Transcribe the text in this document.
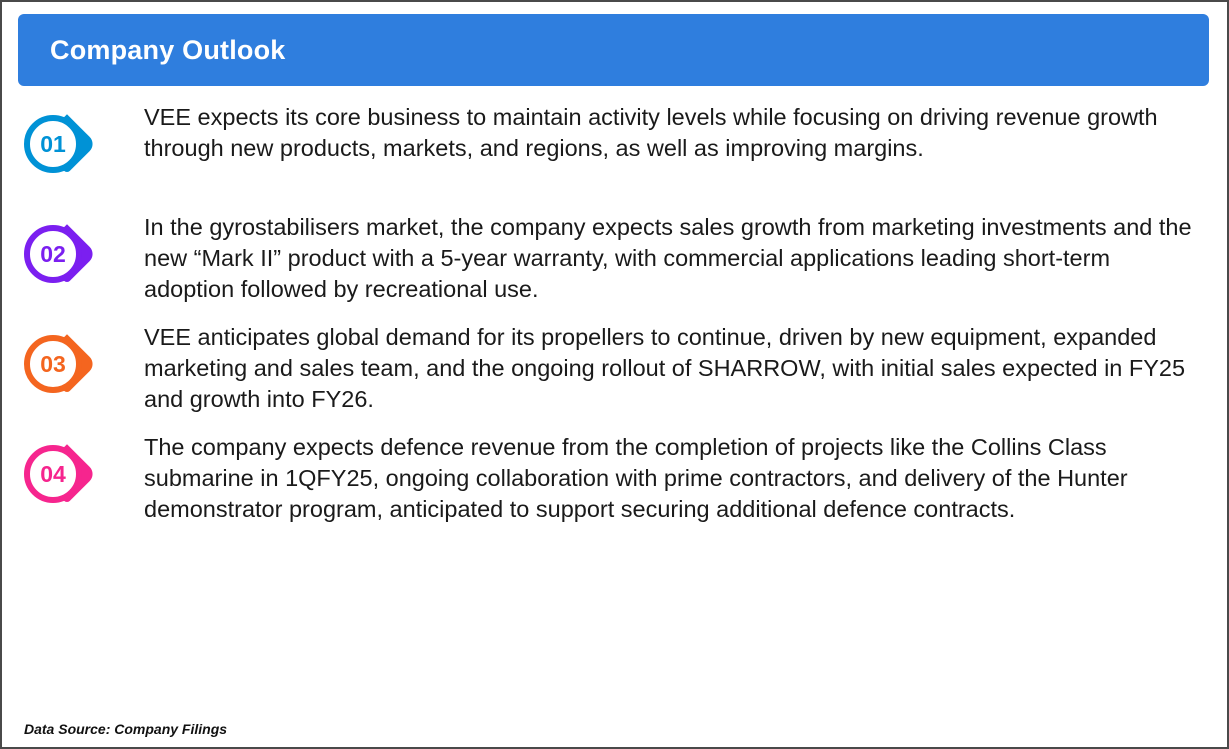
Company Outlook
01
VEE expects its core business to maintain activity levels while focusing on driving revenue growth through new products, markets, and regions, as well as improving margins.
02
In the gyrostabilisers market, the company expects sales growth from marketing investments and the new “Mark II” product with a 5-year warranty, with commercial applications leading short-term adoption followed by recreational use.
03
VEE anticipates global demand for its propellers to continue, driven by new equipment, expanded marketing and sales team, and the ongoing rollout of SHARROW, with initial sales expected in FY25 and growth into FY26.
04
The company expects defence revenue from the completion of projects like the Collins Class submarine in 1QFY25, ongoing collaboration with prime contractors, and delivery of the Hunter demonstrator program, anticipated to support securing additional defence contracts.
Data Source: Company Filings
